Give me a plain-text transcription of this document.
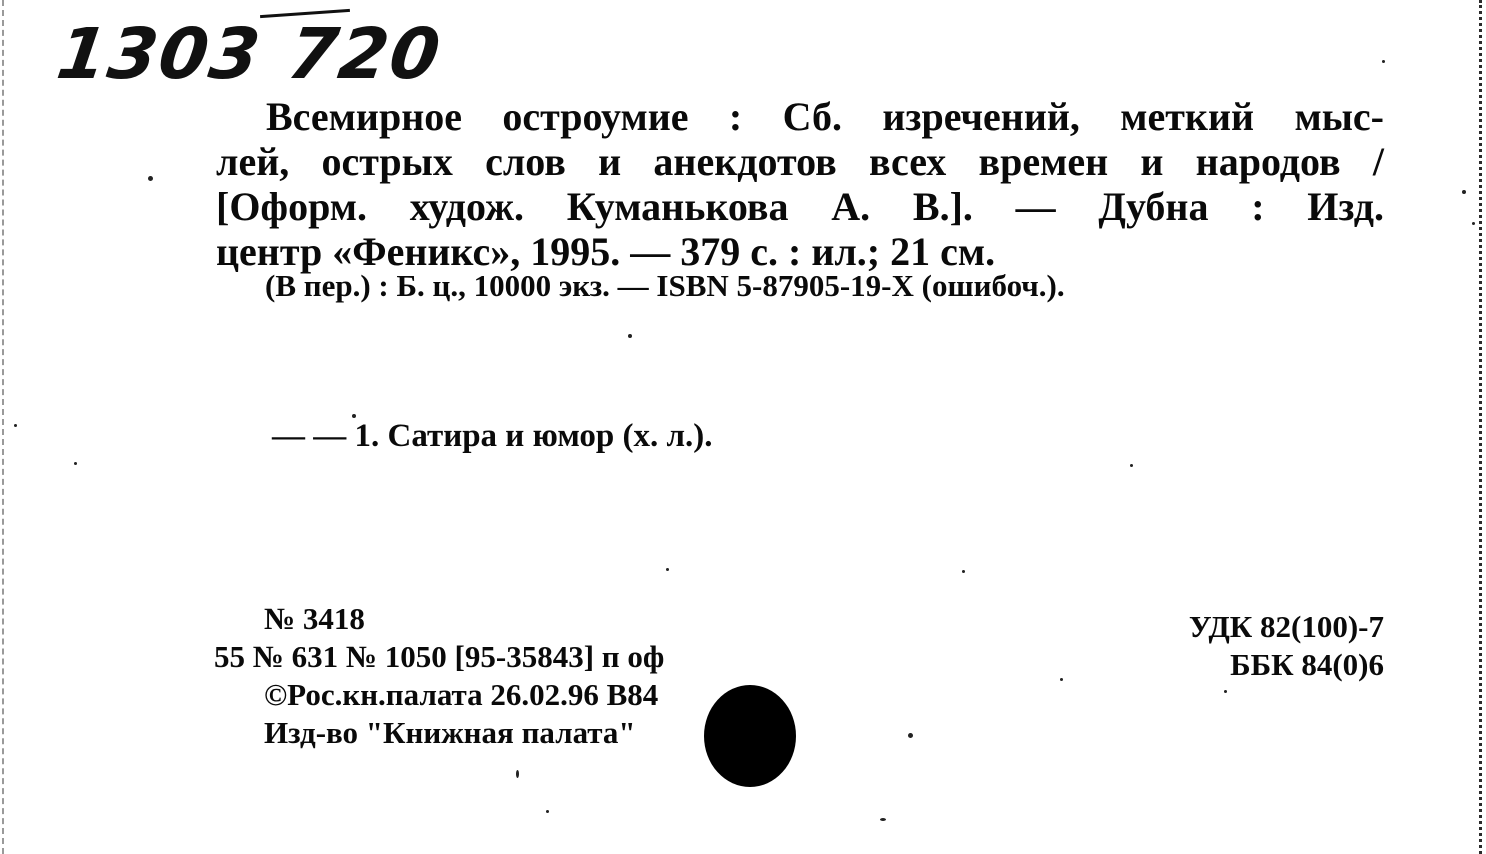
1303 720
Всемирное остроумие : Сб. изречений, меткий мыс-
лей, острых слов и анекдотов всех времен и народов /
[Оформ. худож. Куманькова А. В.]. — Дубна : Изд.
центр «Феникс», 1995. — 379 с. : ил.; 21 см.
(В пер.) : Б. ц., 10000 экз. — ISBN 5-87905-19-X (ошибоч.).
— — 1. Сатира и юмор (х. л.).
№ 3418
55 № 631 № 1050 [95-35843] п оф
©Рос.кн.палата 26.02.96 В84
Изд-во "Книжная палата"
УДК 82(100)-7
ББК 84(0)6
